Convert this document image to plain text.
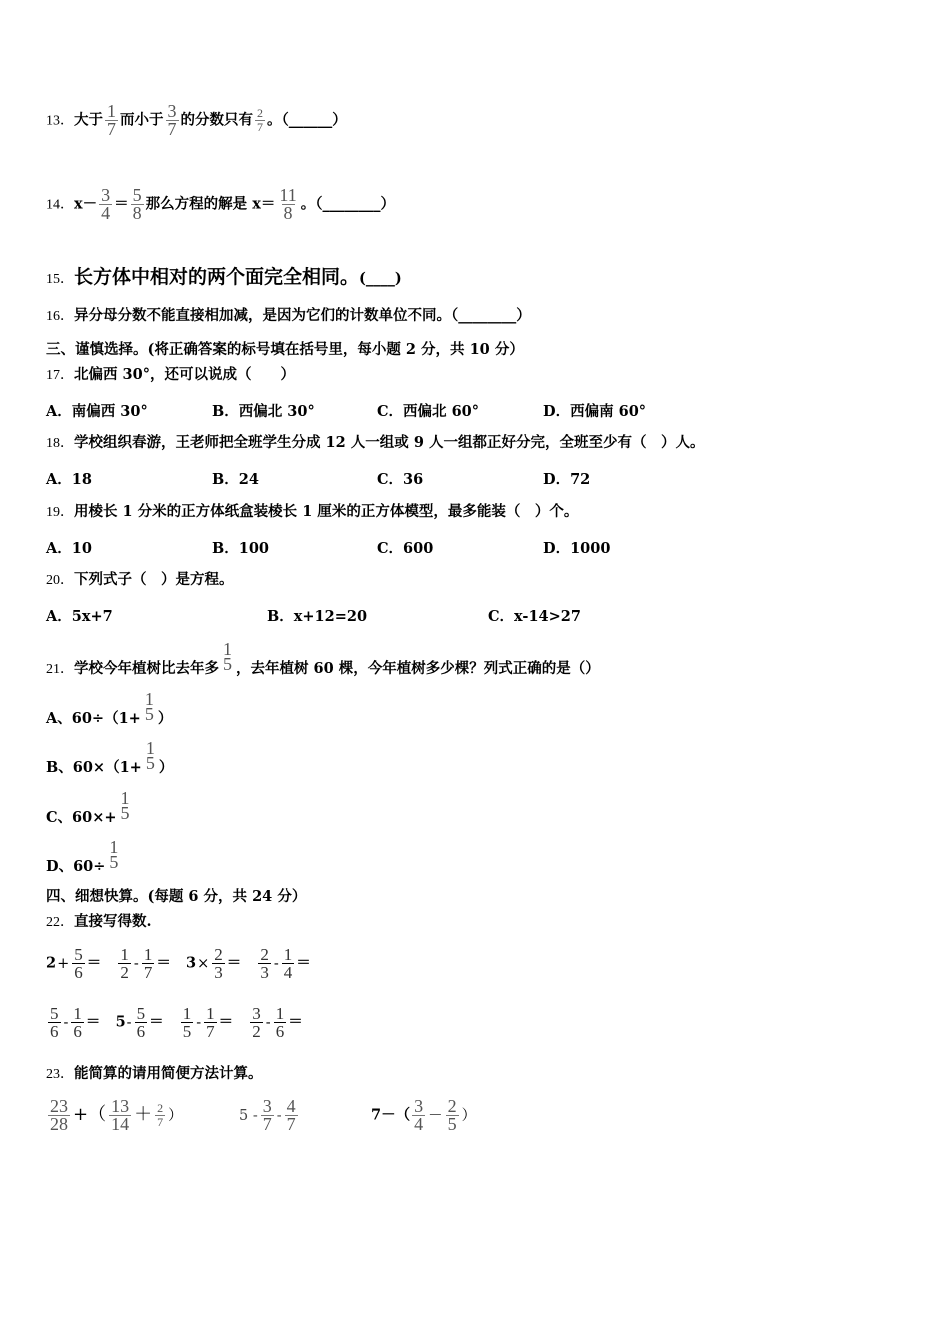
13．大于 $\frac{1}{7}$ 而小于 $\frac{3}{7}$ 的分数只有 $\frac{2}{7}$ 。（______）
14．$x- \frac{3}{4} = \frac{5}{8}$ 那么方程的解是 $x= \frac{11}{8}$ 。（________）
15．长方体中相对的两个面完全相同。(____)
16．异分母分数不能直接相加减，是因为它们的计数单位不同。（________）
三、谨慎选择。(将正确答案的标号填在括号里，每小题 2 分，共 10 分）
17．北偏西 30°，还可以说成（　　）
A．南偏西 30°	B．西偏北 30°	C．西偏北 60°	D．西偏南 60°
18．学校组织春游，王老师把全班学生分成 12 人一组或 9 人一组都正好分完，全班至少有（　）人。
A．18	B．24	C．36	D．72
19．用棱长 1 分米的正方体纸盒装棱长 1 厘米的正方体模型，最多能装（　）个。
A．10	B．100	C．600	D．1000
20．下列式子（　）是方程。
A．5x+7	B．x+12=20	C．x-14>27
21．学校今年植树比去年多
1
5 ，去年植树 60 棵，今年植树多少棵？列式正确的是（）
A、60÷（1+
1
5 ）
B、60×（1+
1
5 ）
C、60×+
1
5
D、60÷
1
5
四、细想快算。(每题 6 分，共 24 分）
22．直接写得数.
$2+ \frac{5}{6} = \frac{1}{2} - \frac{1}{7} = 3\times \frac{2}{3} = \frac{2}{3} - \frac{1}{4}$ ＝
$\frac{5}{6} - \frac{1}{6} = 5- \frac{5}{6} = \frac{1}{5} - \frac{1}{7} = \frac{3}{2} - \frac{1}{6}$ ＝
23．能简算的请用简便方法计算。
$\frac{23}{28}$ +（ $\frac{13}{14} + \frac{2}{7}$ ）	$5 - \frac{3}{7} - \frac{4}{7}$	$7-( \frac{3}{4} - \frac{2}{5}$ ）
